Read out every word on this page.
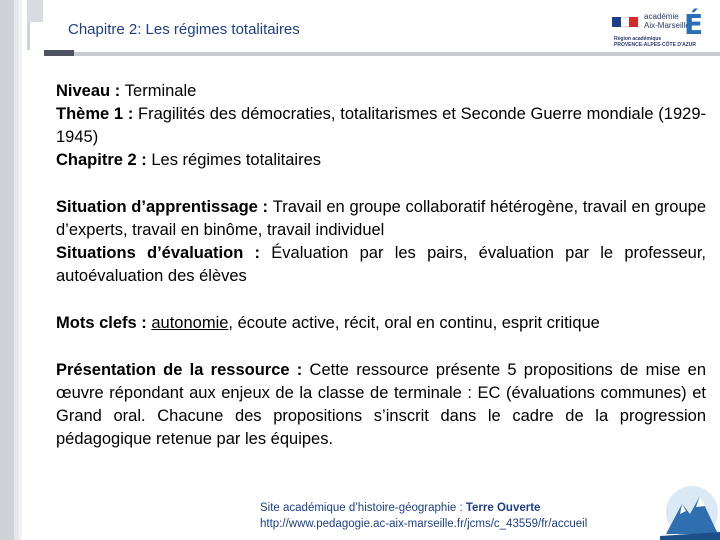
Chapitre 2: Les régimes totalitaires
académie
Aix-Marseille
Région académique
PROVENCE-ALPES-CÔTE D'AZUR
É

Niveau : Terminale

Thème 1 : Fragilités des démocraties, totalitarismes et Seconde Guerre mondiale (1929-1945)

Chapitre 2 : Les régimes totalitaires

Situation d’apprentissage : Travail en groupe collaboratif hétérogène, travail en groupe d’experts, travail en binôme, travail individuel

Situations d’évaluation : Évaluation par les pairs, évaluation par le professeur, autoévaluation des élèves

Mots clefs : autonomie, écoute active, récit, oral en continu, esprit critique

Présentation de la ressource : Cette ressource présente 5 propositions de mise en œuvre répondant aux enjeux de la classe de terminale : EC (évaluations communes) et Grand oral. Chacune des propositions s’inscrit dans le cadre de la progression pédagogique retenue par les équipes.

Site académique d’histoire-géographie : Terre Ouverte
http://www.pedagogie.ac-aix-marseille.fr/jcms/c_43559/fr/accueil
